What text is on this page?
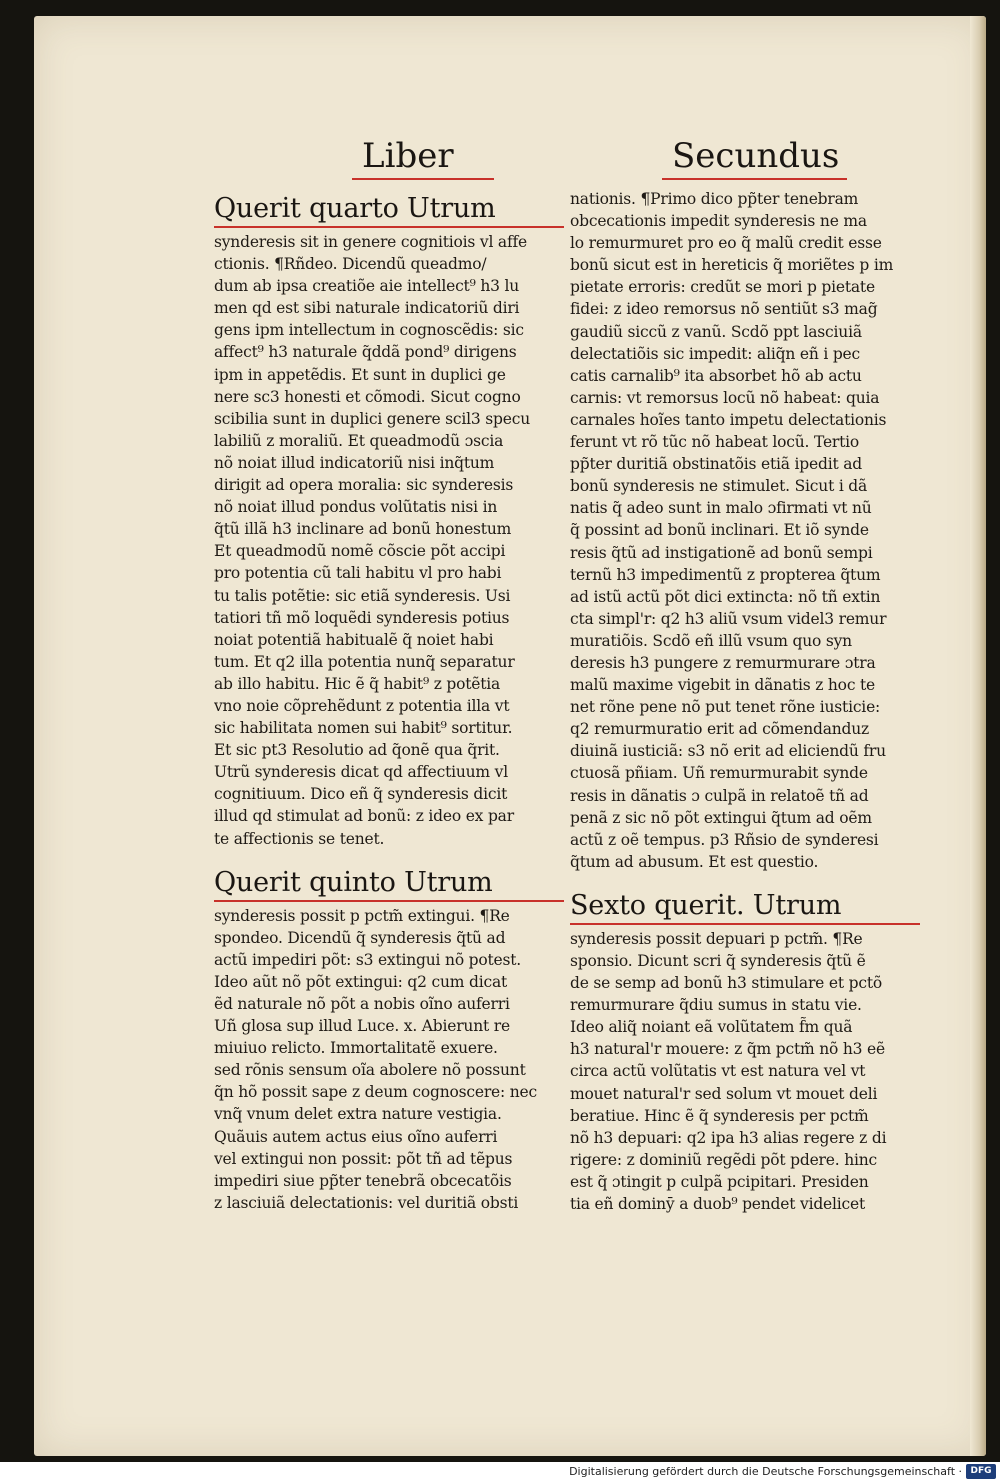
Liber	Secundus
Querit quarto Utrum
synderesis sit in genere cognitiois vl affe
ctionis. ¶Rñdeo. Dicendũ queadmo/
dum ab ipsa creatiõe aie intellect⁹ h3 lu
men qd est sibi naturale indicatoriũ diri
gens ipm intellectum in cognoscẽdis: sic
affect⁹ h3 naturale q̃ddã pond⁹ dirigens
ipm in appetẽdis. Et sunt in duplici ge
nere sc3 honesti et cõmodi. Sicut cogno
scibilia sunt in duplici genere scil3 specu
labiliũ z moraliũ. Et queadmodũ ɔscia
nõ noiat illud indicatoriũ nisi inq̃tum
dirigit ad opera moralia: sic synderesis
nõ noiat illud pondus volũtatis nisi in
q̃tũ illã h3 inclinare ad bonũ honestum
Et queadmodũ nomẽ cõscie põt accipi
pro potentia cũ tali habitu vl pro habi
tu talis potẽtie: sic etiã synderesis. Usi
tatiori tñ mõ loquẽdi synderesis potius
noiat potentiã habitualẽ q̃ noiet habi
tum. Et q2 illa potentia nunq̃ separatur
ab illo habitu. Hic ẽ q̃ habit⁹ z potẽtia
vno noie cõprehẽdunt z potentia illa vt
sic habilitata nomen sui habit⁹ sortitur.
Et sic pt3 Resolutio ad q̃onẽ qua q̃rit.
Utrũ synderesis dicat qd affectiuum vl
cognitiuum. Dico eñ q̃ synderesis dicit
illud qd stimulat ad bonũ: z ideo ex par
te affectionis se tenet.
Querit quinto Utrum
synderesis possit p pctm̃ extingui. ¶Re
spondeo. Dicendũ q̃ synderesis q̃tũ ad
actũ impediri põt: s3 extingui nõ potest.
Ideo aũt nõ põt extingui: q2 cum dicat
ẽd naturale nõ põt a nobis oĩno auferri
Uñ glosa sup illud Luce. x. Abierunt re
miuiuo relicto. Immortalitatẽ exuere.
sed rõnis sensum oĩa abolere nõ possunt
q̃n hõ possit sape z deum cognoscere: nec
vnq̃ vnum delet extra nature vestigia.
Quãuis autem actus eius oĩno auferri
vel extingui non possit: põt tñ ad tẽpus
impediri siue pp̃ter tenebrã obcecatõis
z lasciuiã delectationis: vel duritiã obsti
nationis. ¶Primo dico pp̃ter tenebram
obcecationis impedit synderesis ne ma
lo remurmuret pro eo q̃ malũ credit esse
bonũ sicut est in hereticis q̃ moriẽtes p im
pietate erroris: credũt se mori p pietate
fidei: z ideo remorsus nõ sentiũt s3 mag̃
gaudiũ siccũ z vanũ. Scdõ ppt lasciuiã
delectatiõis sic impedit: aliq̃n eñ i pec
catis carnalib⁹ ita absorbet hõ ab actu
carnis: vt remorsus locũ nõ habeat: quia
carnales hoĩes tanto impetu delectationis
ferunt vt rõ tũc nõ habeat locũ. Tertio
pp̃ter duritiã obstinatõis etiã ipedit ad
bonũ synderesis ne stimulet. Sicut i dã
natis q̃ adeo sunt in malo ɔfirmati vt nũ
q̃ possint ad bonũ inclinari. Et iõ synde
resis q̃tũ ad instigationẽ ad bonũ sempi
ternũ h3 impedimentũ z propterea q̃tum
ad istũ actũ põt dici extincta: nõ tñ extin
cta simpl'r: q2 h3 aliũ vsum videl3 remur
muratiõis. Scdõ eñ illũ vsum quo syn
deresis h3 pungere z remurmurare ɔtra
malũ maxime vigebit in dãnatis z hoc te
net rõne pene nõ put tenet rõne iusticie:
q2 remurmuratio erit ad cõmendanduz
diuinã iusticiã: s3 nõ erit ad eliciendũ fru
ctuosã pñiam. Uñ remurmurabit synde
resis in dãnatis ɔ culpã in relatoẽ tñ ad
penã z sic nõ põt extingui q̃tum ad oẽm
actũ z oẽ tempus. p3 Rñsio de synderesi
q̃tum ad abusum. Et est questio.
Sexto querit. Utrum
synderesis possit depuari p pctm̃. ¶Re
sponsio. Dicunt scri q̃ synderesis q̃tũ ẽ
de se semp ad bonũ h3 stimulare et pctõ
remurmurare q̃diu sumus in statu vie.
Ideo aliq̃ noiant eã volũtatem f̃m quã
h3 natural'r mouere: z q̃m pctm̃ nõ h3 eẽ
circa actũ volũtatis vt est natura vel vt
mouet natural'r sed solum vt mouet deli
beratiue. Hinc ẽ q̃ synderesis per pctm̃
nõ h3 depuari: q2 ipa h3 alias regere z di
rigere: z dominiũ regẽdi põt pdere. hinc
est q̃ ɔtingit p culpã pcipitari. Presiden
tia eñ dominȳ a duob⁹ pendet videlicet
Digitalisierung gefördert durch die Deutsche Forschungsgemeinschaft · DFG
